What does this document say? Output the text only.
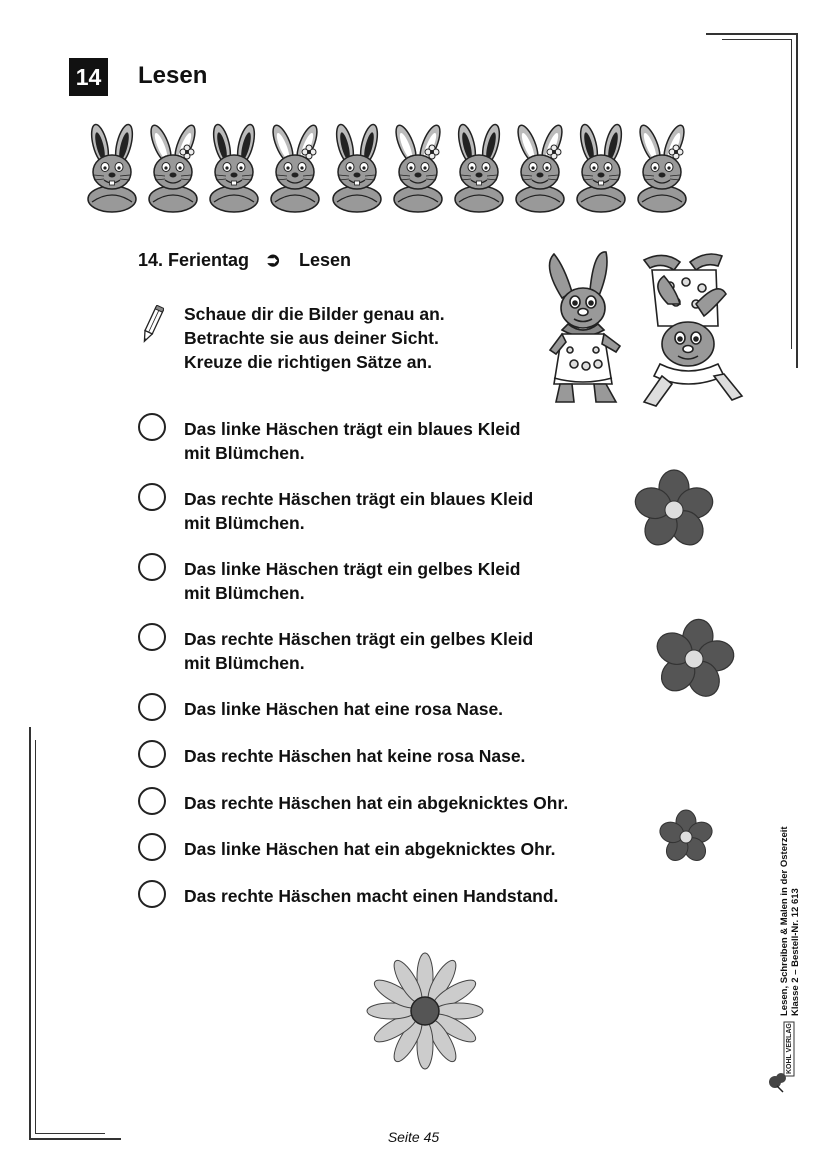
14 Lesen
14. Ferientag ➲ Lesen
Schaue dir die Bilder genau an.
Betrachte sie aus deiner Sicht.
Kreuze die richtigen Sätze an.
Das linke Häschen trägt ein blaues Kleid
mit Blümchen.
Das rechte Häschen trägt ein blaues Kleid
mit Blümchen.
Das linke Häschen trägt ein gelbes Kleid
mit Blümchen.
Das rechte Häschen trägt ein gelbes Kleid
mit Blümchen.
Das linke Häschen hat eine rosa Nase.
Das rechte Häschen hat keine rosa Nase.
Das rechte Häschen hat ein abgeknicktes Ohr.
Das linke Häschen hat ein abgeknicktes Ohr.
Das rechte Häschen macht einen Handstand.	Lesen, Schreiben & Malen in der Osterzeit Klasse 2 – Bestell-Nr. 12 613
KOHL VERLAG
Seite 45
